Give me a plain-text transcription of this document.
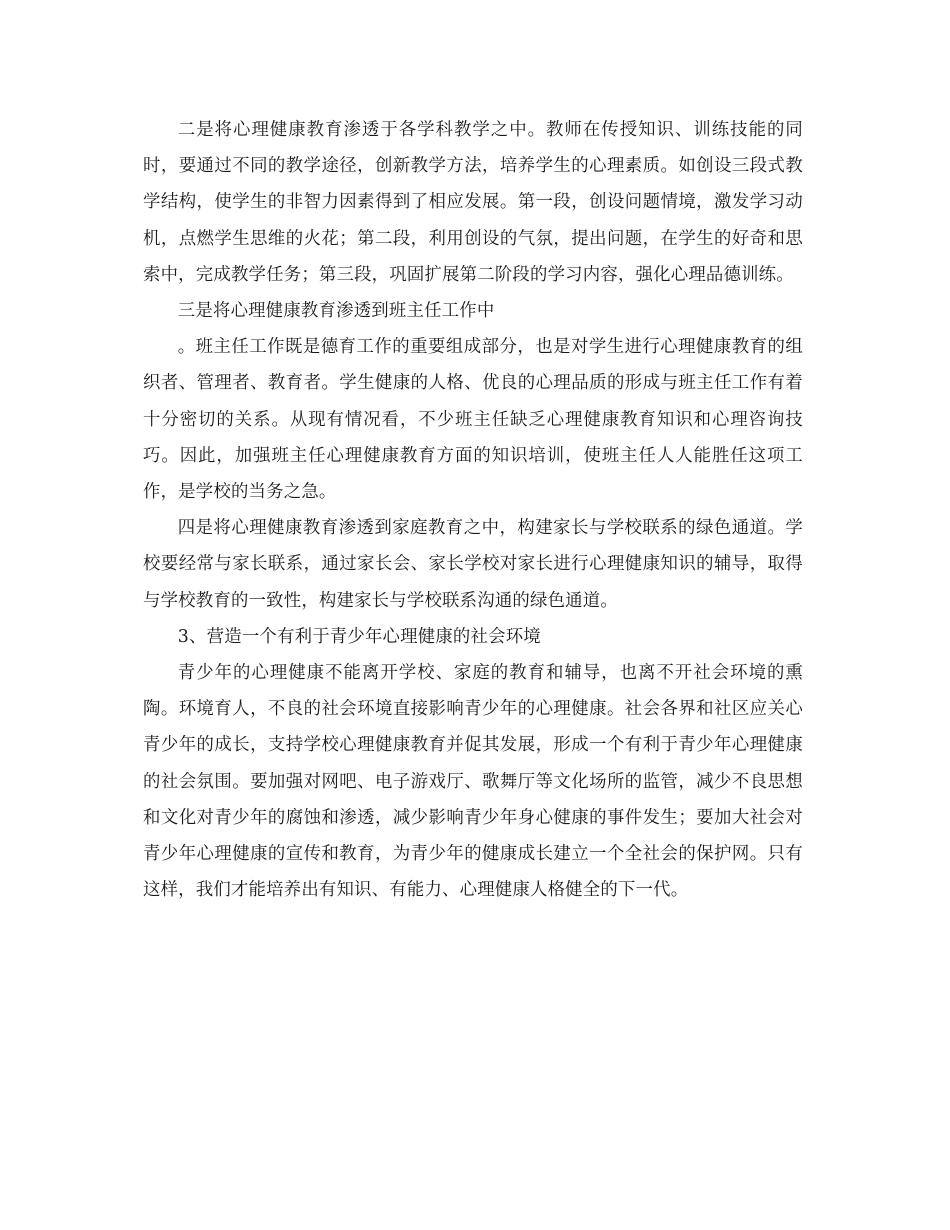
二是将心理健康教育渗透于各学科教学之中。教师在传授知识、训练技能的同时，要通过不同的教学途径，创新教学方法，培养学生的心理素质。如创设三段式教学结构，使学生的非智力因素得到了相应发展。第一段，创设问题情境，激发学习动机，点燃学生思维的火花；第二段，利用创设的气氛，提出问题，在学生的好奇和思索中，完成教学任务；第三段，巩固扩展第二阶段的学习内容，强化心理品德训练。

三是将心理健康教育渗透到班主任工作中

。班主任工作既是德育工作的重要组成部分，也是对学生进行心理健康教育的组织者、管理者、教育者。学生健康的人格、优良的心理品质的形成与班主任工作有着十分密切的关系。从现有情况看，不少班主任缺乏心理健康教育知识和心理咨询技巧。因此，加强班主任心理健康教育方面的知识培训，使班主任人人能胜任这项工作，是学校的当务之急。

四是将心理健康教育渗透到家庭教育之中，构建家长与学校联系的绿色通道。学校要经常与家长联系，通过家长会、家长学校对家长进行心理健康知识的辅导，取得与学校教育的一致性，构建家长与学校联系沟通的绿色通道。

3、营造一个有利于青少年心理健康的社会环境

青少年的心理健康不能离开学校、家庭的教育和辅导，也离不开社会环境的熏陶。环境育人，不良的社会环境直接影响青少年的心理健康。社会各界和社区应关心青少年的成长，支持学校心理健康教育并促其发展，形成一个有利于青少年心理健康的社会氛围。要加强对网吧、电子游戏厅、歌舞厅等文化场所的监管，减少不良思想和文化对青少年的腐蚀和渗透，减少影响青少年身心健康的事件发生；要加大社会对青少年心理健康的宣传和教育，为青少年的健康成长建立一个全社会的保护网。只有这样，我们才能培养出有知识、有能力、心理健康人格健全的下一代。
